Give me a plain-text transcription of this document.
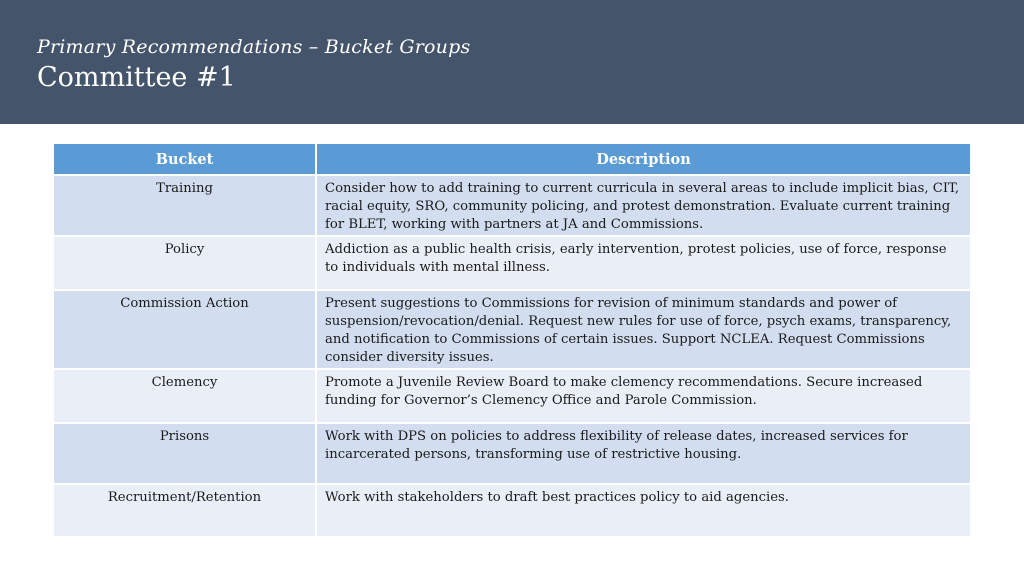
Primary Recommendations – Bucket Groups
Committee #1
Bucket	Description
Training	Consider how to add training to current curricula in several areas to include implicit bias, CIT, racial equity, SRO, community policing, and protest demonstration. Evaluate current training for BLET, working with partners at JA and Commissions.
Policy	Addiction as a public health crisis, early intervention, protest policies, use of force, response to individuals with mental illness.
Commission Action	Present suggestions to Commissions for revision of minimum standards and power of suspension/revocation/denial. Request new rules for use of force, psych exams, transparency, and notification to Commissions of certain issues. Support NCLEA. Request Commissions consider diversity issues.
Clemency	Promote a Juvenile Review Board to make clemency recommendations. Secure increased funding for Governor’s Clemency Office and Parole Commission.
Prisons	Work with DPS on policies to address flexibility of release dates, increased services for incarcerated persons, transforming use of restrictive housing.
Recruitment/Retention	Work with stakeholders to draft best practices policy to aid agencies.
